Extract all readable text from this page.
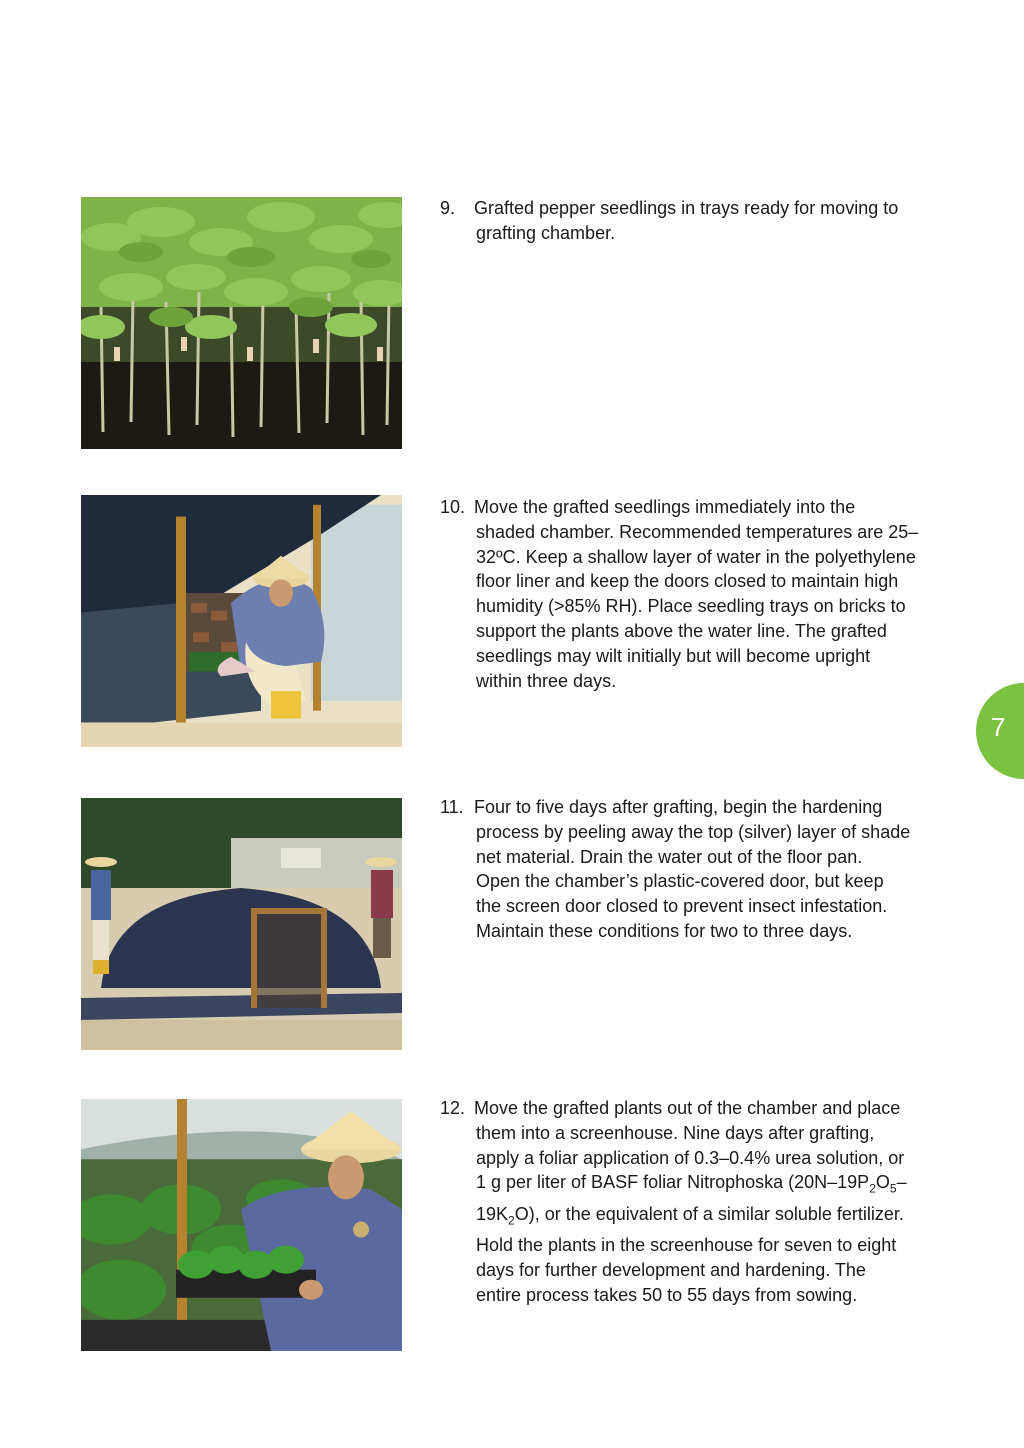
9. Grafted pepper seedlings in trays ready for moving to
grafting chamber.

10. Move the grafted seedlings immediately into the
shaded chamber. Recommended temperatures are 25–
32ºC. Keep a shallow layer of water in the polyethylene
floor liner and keep the doors closed to maintain high
humidity (>85% RH). Place seedling trays on bricks to
support the plants above the water line. The grafted
seedlings may wilt initially but will become upright
within three days.

11. Four to five days after grafting, begin the hardening
process by peeling away the top (silver) layer of shade
net material. Drain the water out of the floor pan.
Open the chamber’s plastic-covered door, but keep
the screen door closed to prevent insect infestation.
Maintain these conditions for two to three days.

12. Move the grafted plants out of the chamber and place
them into a screenhouse. Nine days after grafting,
apply a foliar application of 0.3–0.4% urea solution, or
1 g per liter of BASF foliar Nitrophoska ($20N-19P_2O_5-$
$19K_2O$), or the equivalent of a similar soluble fertilizer.
Hold the plants in the screenhouse for seven to eight
days for further development and hardening. The
entire process takes 50 to 55 days from sowing.

7
